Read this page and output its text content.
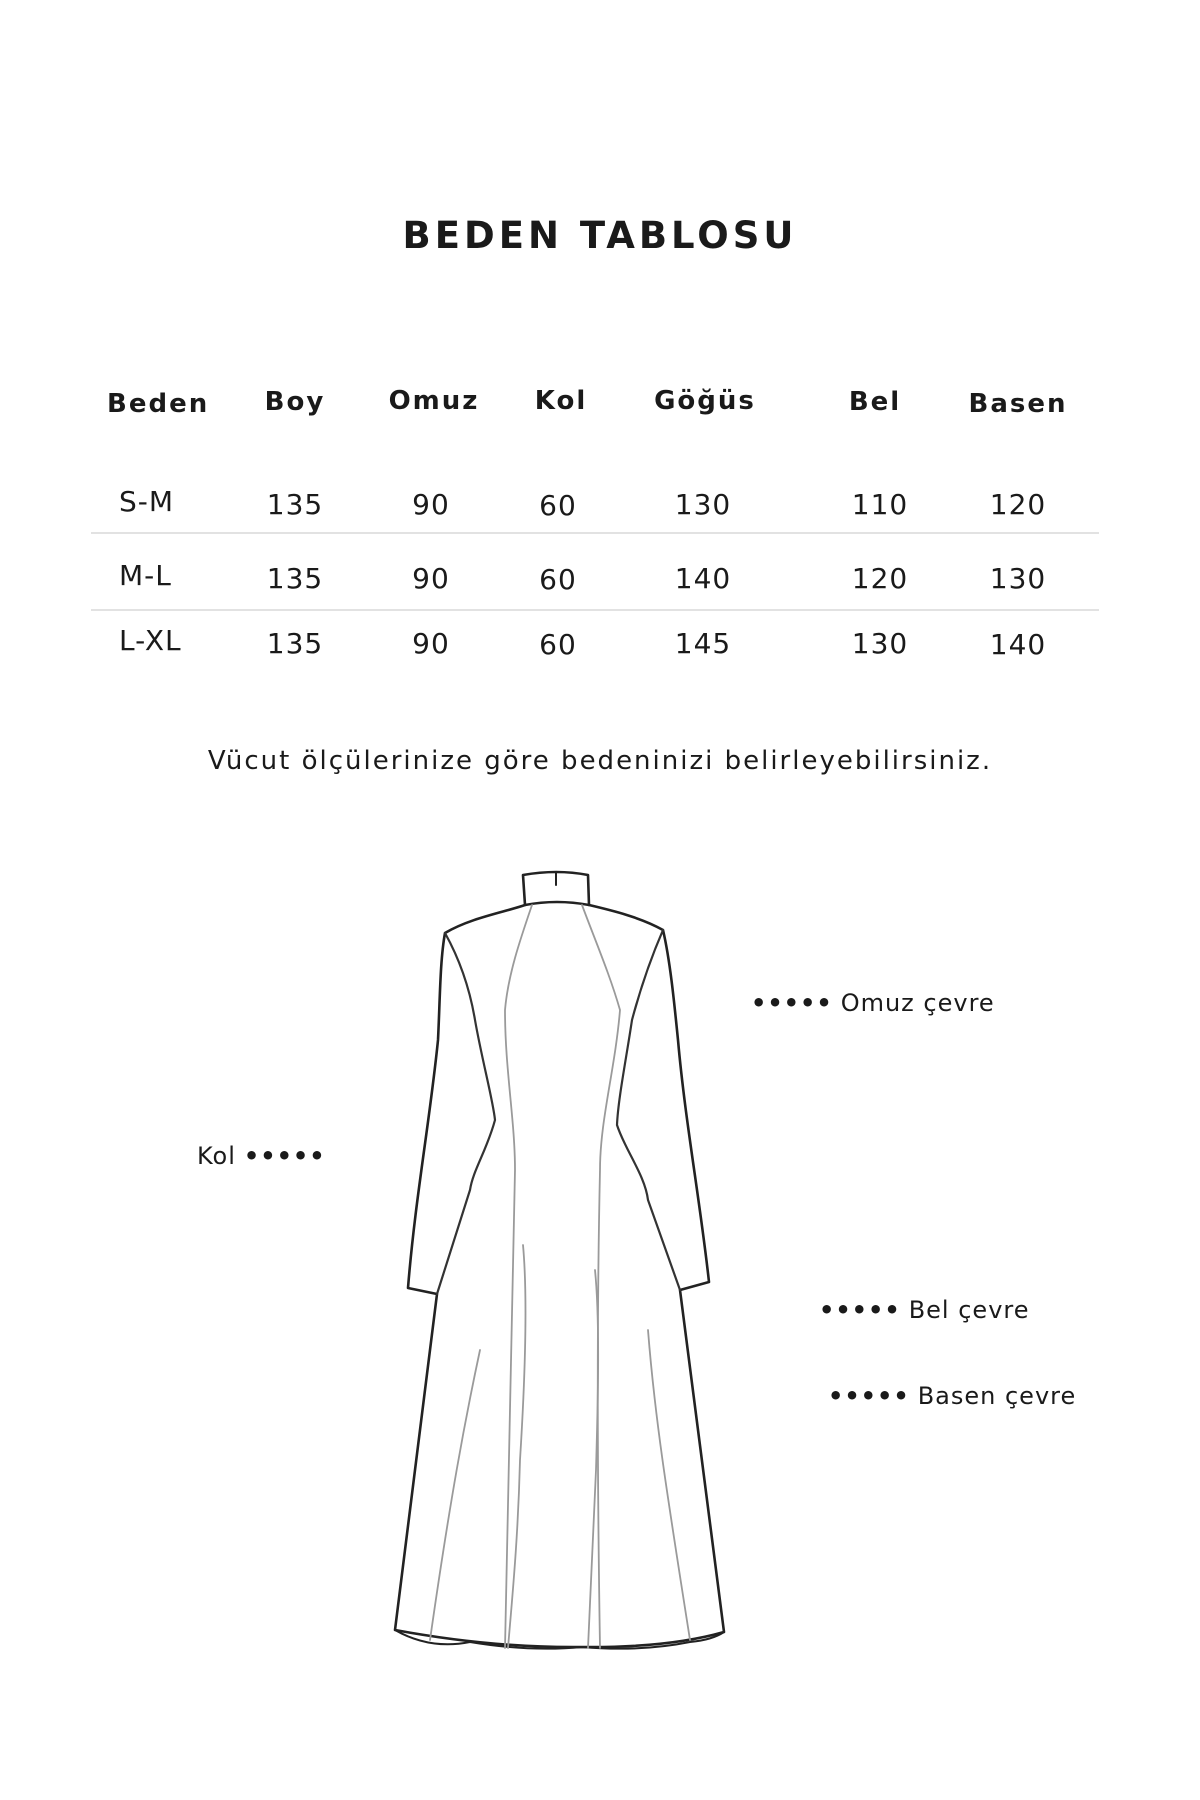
BEDEN TABLOSU
Beden	Boy	Omuz	Kol	Göğüs	Bel	Basen
S-M	135	90	60	130	110	120
M-L	135	90	60	140	120	130
L-XL	135	90	60	145	130	140
Vücut ölçülerinize göre bedeninizi belirleyebilirsiniz.
••••• Omuz çevre
Kol •••••
••••• Bel çevre
••••• Basen çevre
